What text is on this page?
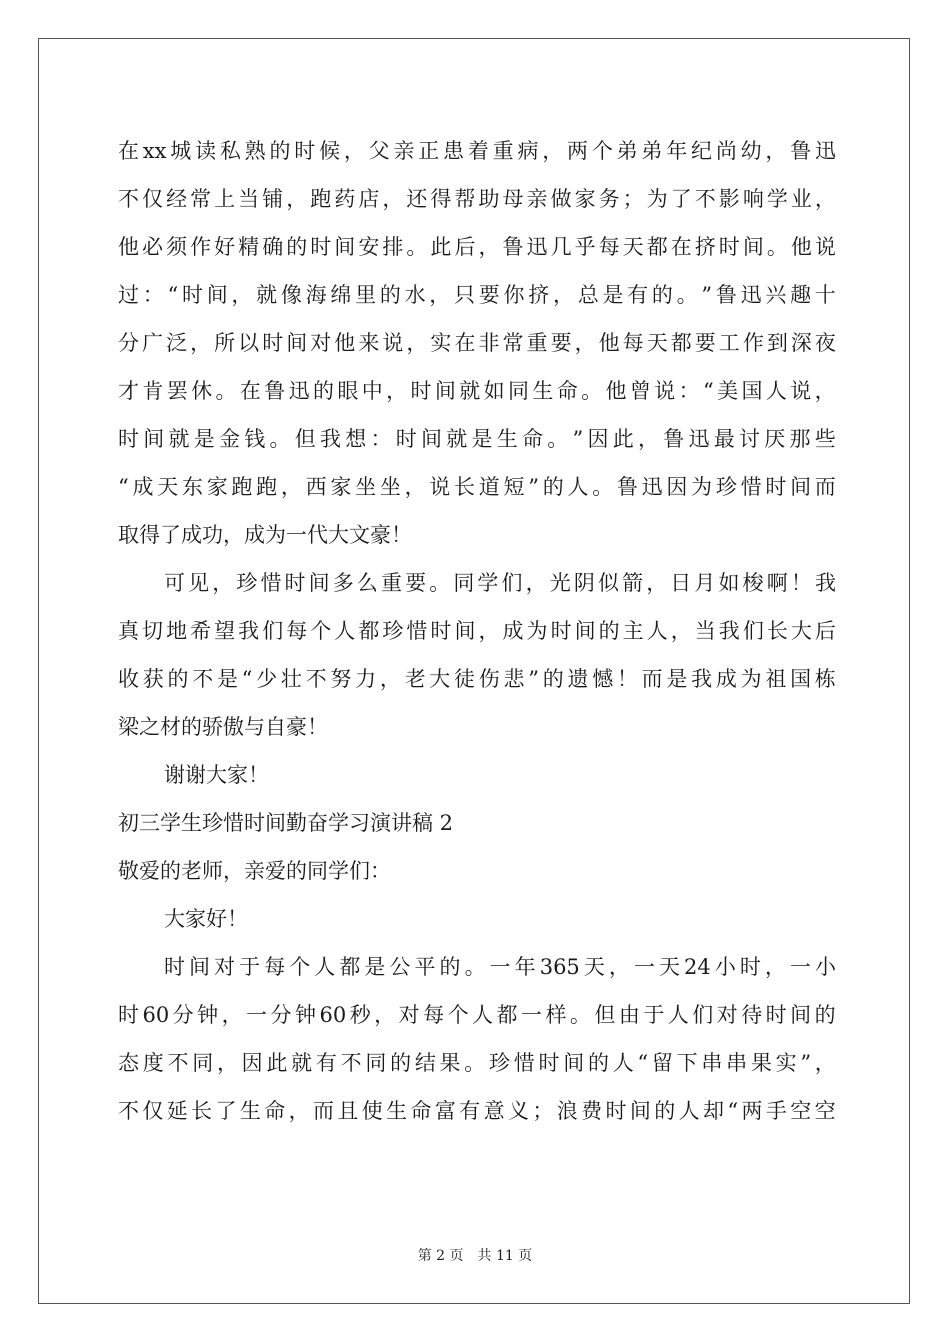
在 xx 城 读 私 熟 的 时 候 ， 父 亲 正 患 着 重 病 ， 两 个 弟 弟 年 纪 尚 幼 ， 鲁 迅
不 仅 经 常 上 当 铺 ， 跑 药 店 ， 还 得 帮 助 母 亲 做 家 务 ； 为 了 不 影 响 学 业 ，
他 必 须 作 好 精 确 的 时 间 安 排 。 此 后 ， 鲁 迅 几 乎 每 天 都 在 挤 时 间 。 他 说
过 ： “ 时 间 ， 就 像 海 绵 里 的 水 ， 只 要 你 挤 ， 总 是 有 的 。 ” 鲁 迅 兴 趣 十
分 广 泛 ， 所 以 时 间 对 他 来 说 ， 实 在 非 常 重 要 ， 他 每 天 都 要 工 作 到 深 夜
才 肯 罢 休 。 在 鲁 迅 的 眼 中 ， 时 间 就 如 同 生 命 。 他 曾 说 ： “ 美 国 人 说 ，
时 间 就 是 金 钱 。 但 我 想 ： 时 间 就 是 生 命 。 ” 因 此 ， 鲁 迅 最 讨 厌 那 些
“ 成 天 东 家 跑 跑 ， 西 家 坐 坐 ， 说 长 道 短 ” 的 人 。 鲁 迅 因 为 珍 惜 时 间 而
取得了成功，成为一代大文豪！
可 见 ， 珍 惜 时 间 多 么 重 要 。 同 学 们 ， 光 阴 似 箭 ， 日 月 如 梭 啊 ！ 我
真 切 地 希 望 我 们 每 个 人 都 珍 惜 时 间 ， 成 为 时 间 的 主 人 ， 当 我 们 长 大 后
收 获 的 不 是 “ 少 壮 不 努 力 ， 老 大 徒 伤 悲 ” 的 遗 憾 ！ 而 是 我 成 为 祖 国 栋
梁之材的骄傲与自豪！
谢谢大家！
初三学生珍惜时间勤奋学习演讲稿 2
敬爱的老师，亲爱的同学们：
大家好！
时 间 对 于 每 个 人 都 是 公 平 的 。 一 年 365 天 ， 一 天 24 小 时 ， 一 小
时 60 分 钟 ， 一 分 钟 60 秒 ， 对 每 个 人 都 一 样 。 但 由 于 人 们 对 待 时 间 的
态 度 不 同 ， 因 此 就 有 不 同 的 结 果 。 珍 惜 时 间 的 人 “ 留 下 串 串 果 实 ” ，
不 仅 延 长 了 生 命 ， 而 且 使 生 命 富 有 意 义 ； 浪 费 时 间 的 人 却 “ 两 手 空 空
第 2 页　共 11 页
